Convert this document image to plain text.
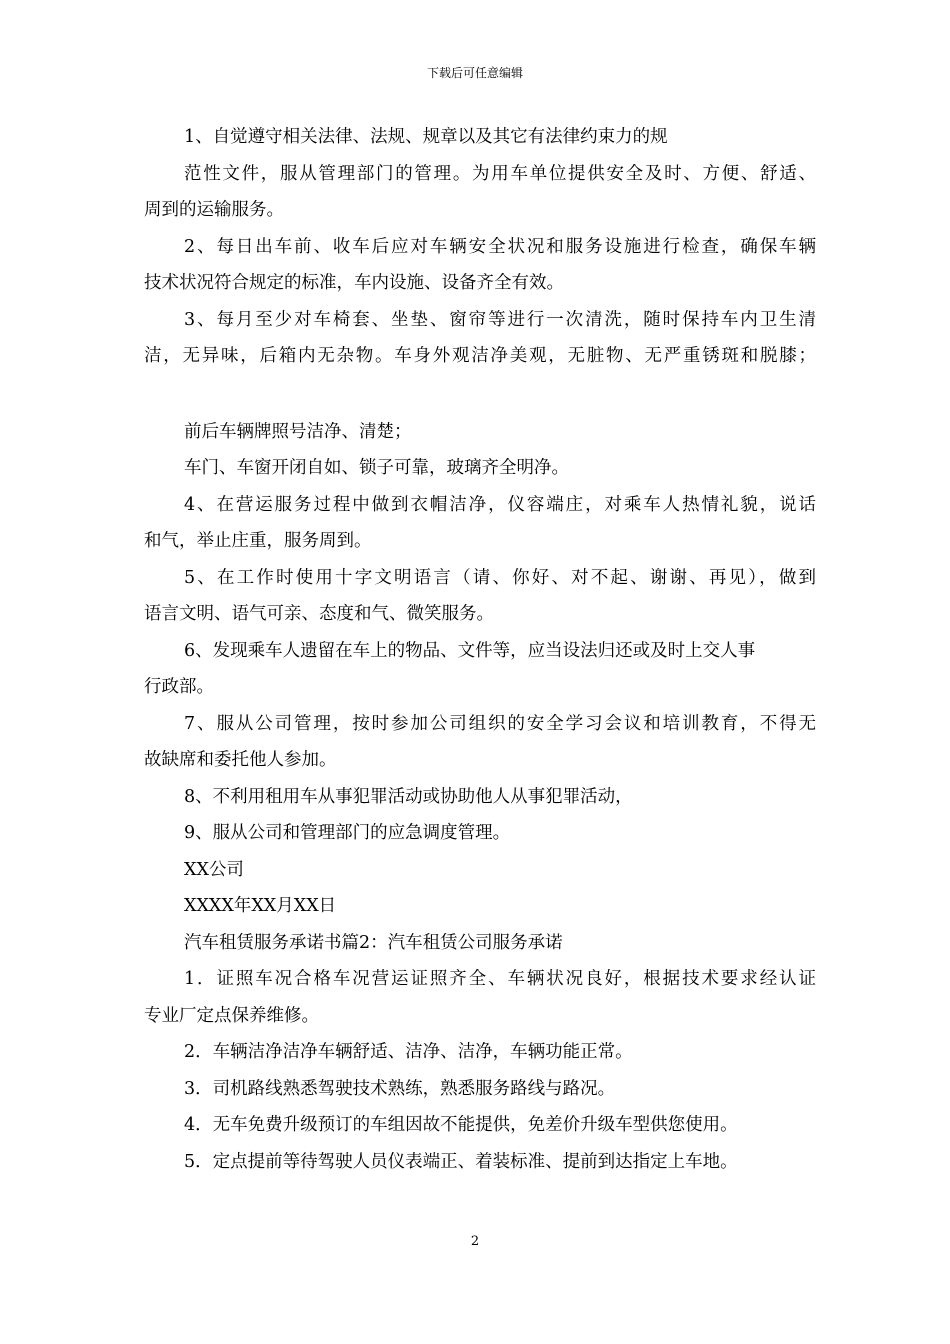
下载后可任意编辑
1、自觉遵守相关法律、法规、规章以及其它有法律约束力的规
范性文件，服从管理部门的管理。为用车单位提供安全及时、方便、舒适、
周到的运输服务。
2、每日出车前、收车后应对车辆安全状况和服务设施进行检查，确保车辆
技术状况符合规定的标准，车内设施、设备齐全有效。
3、每月至少对车椅套、坐垫、窗帘等进行一次清洗，随时保持车内卫生清
洁，无异味，后箱内无杂物。车身外观洁净美观，无脏物、无严重锈斑和脱膝；
前后车辆牌照号洁净、清楚；
车门、车窗开闭自如、锁子可靠，玻璃齐全明净。
4、在营运服务过程中做到衣帽洁净，仪容端庄，对乘车人热情礼貌，说话
和气，举止庄重，服务周到。
5、在工作时使用十字文明语言（请、你好、对不起、谢谢、再见），做到
语言文明、语气可亲、态度和气、微笑服务。
6、发现乘车人遗留在车上的物品、文件等，应当设法归还或及时上交人事
行政部。
7、服从公司管理，按时参加公司组织的安全学习会议和培训教育，不得无
故缺席和委托他人参加。
8、不利用租用车从事犯罪活动或协助他人从事犯罪活动，
9、服从公司和管理部门的应急调度管理。
XX公司
XXXX年XX月XX日
汽车租赁服务承诺书篇2：汽车租赁公司服务承诺
1．证照车况合格车况营运证照齐全、车辆状况良好，根据技术要求经认证
专业厂定点保养维修。
2．车辆洁净洁净车辆舒适、洁净、洁净，车辆功能正常。
3．司机路线熟悉驾驶技术熟练，熟悉服务路线与路况。
4．无车免费升级预订的车组因故不能提供，免差价升级车型供您使用。
5．定点提前等待驾驶人员仪表端正、着装标准、提前到达指定上车地。
2
